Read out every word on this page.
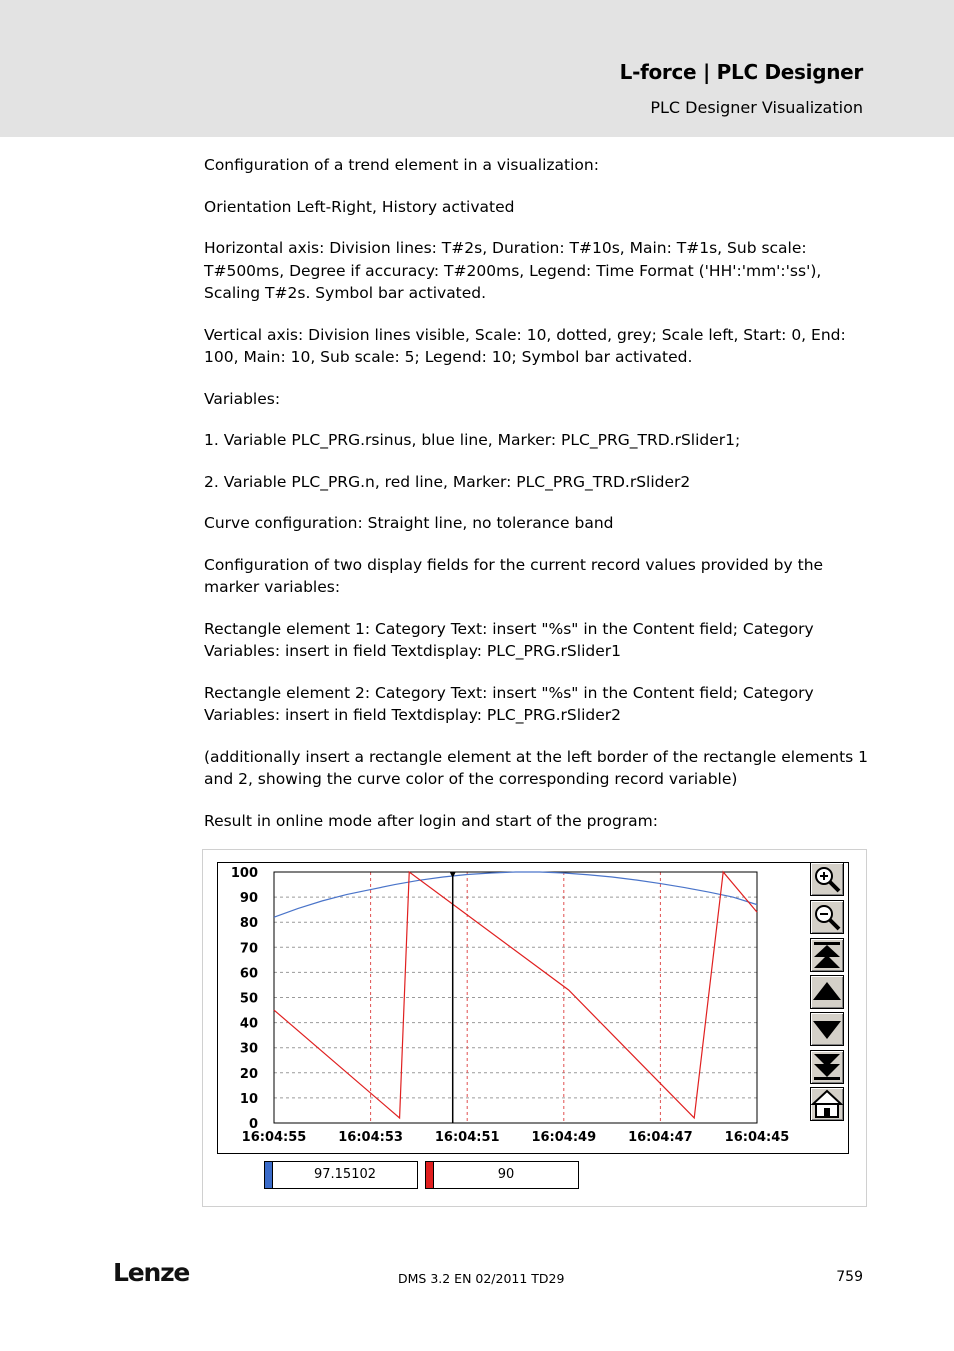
L-force | PLC Designer
PLC Designer Visualization

Configuration of a trend element in a visualization:

Orientation Left-Right, History activated

Horizontal axis: Division lines: T#2s, Duration: T#10s, Main: T#1s, Sub scale: T#500ms, Degree if accuracy: T#200ms, Legend: Time Format ('HH':'mm':'ss'), Scaling T#2s. Symbol bar activated.

Vertical axis: Division lines visible, Scale: 10, dotted, grey; Scale left, Start: 0, End: 100, Main: 10, Sub scale: 5; Legend: 10; Symbol bar activated.

Variables:

1. Variable PLC_PRG.rsinus, blue line, Marker: PLC_PRG_TRD.rSlider1;

2. Variable PLC_PRG.n, red line, Marker: PLC_PRG_TRD.rSlider2

Curve configuration: Straight line, no tolerance band

Configuration of two display fields for the current record values provided by the marker variables:

Rectangle element 1: Category Text: insert "%s" in the Content field; Category Variables: insert in field Textdisplay: PLC_PRG.rSlider1

Rectangle element 2: Category Text: insert "%s" in the Content field; Category Variables: insert in field Textdisplay: PLC_PRG.rSlider2

(additionally insert a rectangle element at the left border of the rectangle elements 1 and 2, showing the curve color of the corresponding record variable)

Result in online mode after login and start of the program:

0
10
20
30
40
50
60
70
80
90
100
16:04:55 16:04:53 16:04:51 16:04:49 16:04:47 16:04:45
97.15102	90
Lenze	DMS 3.2 EN 02/2011 TD29	759
